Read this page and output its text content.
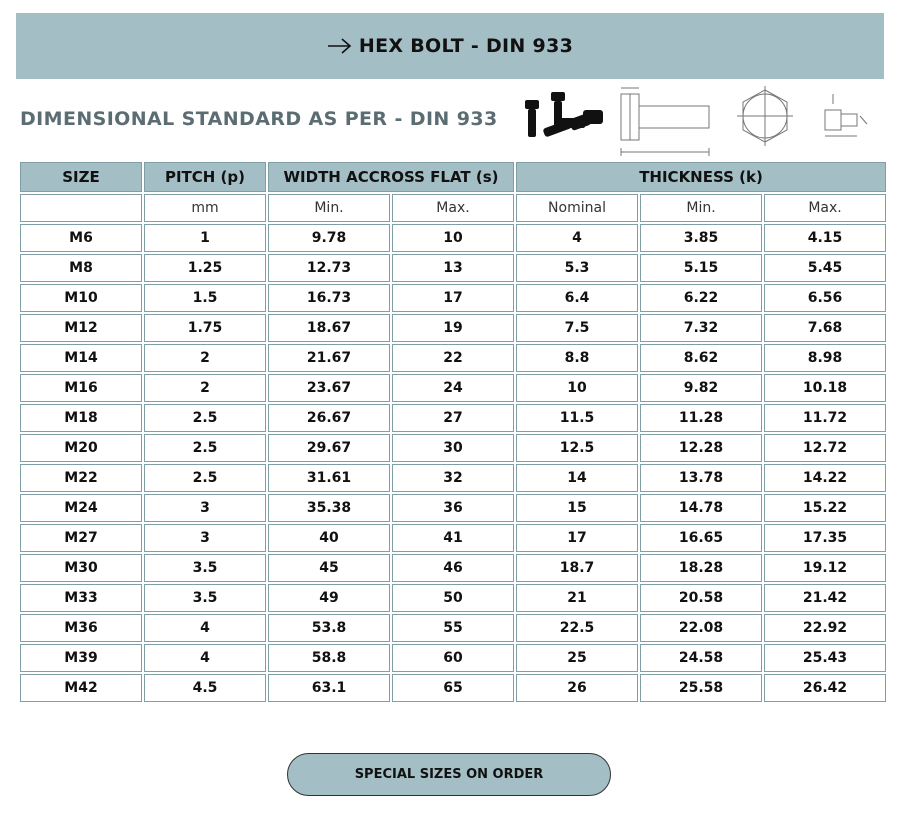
HEX BOLT - DIN 933
DIMENSIONAL STANDARD AS PER - DIN 933
SIZE	PITCH (p)	WIDTH ACCROSS FLAT (s)		THICKNESS (k)		
	mm	Min.	Max.	Nominal	Min.	Max.
M6	1	9.78	10	4	3.85	4.15
M8	1.25	12.73	13	5.3	5.15	5.45
M10	1.5	16.73	17	6.4	6.22	6.56
M12	1.75	18.67	19	7.5	7.32	7.68
M14	2	21.67	22	8.8	8.62	8.98
M16	2	23.67	24	10	9.82	10.18
M18	2.5	26.67	27	11.5	11.28	11.72
M20	2.5	29.67	30	12.5	12.28	12.72
M22	2.5	31.61	32	14	13.78	14.22
M24	3	35.38	36	15	14.78	15.22
M27	3	40	41	17	16.65	17.35
M30	3.5	45	46	18.7	18.28	19.12
M33	3.5	49	50	21	20.58	21.42
M36	4	53.8	55	22.5	22.08	22.92
M39	4	58.8	60	25	24.58	25.43
M42	4.5	63.1	65	26	25.58	26.42
SPECIAL SIZES ON ORDER
